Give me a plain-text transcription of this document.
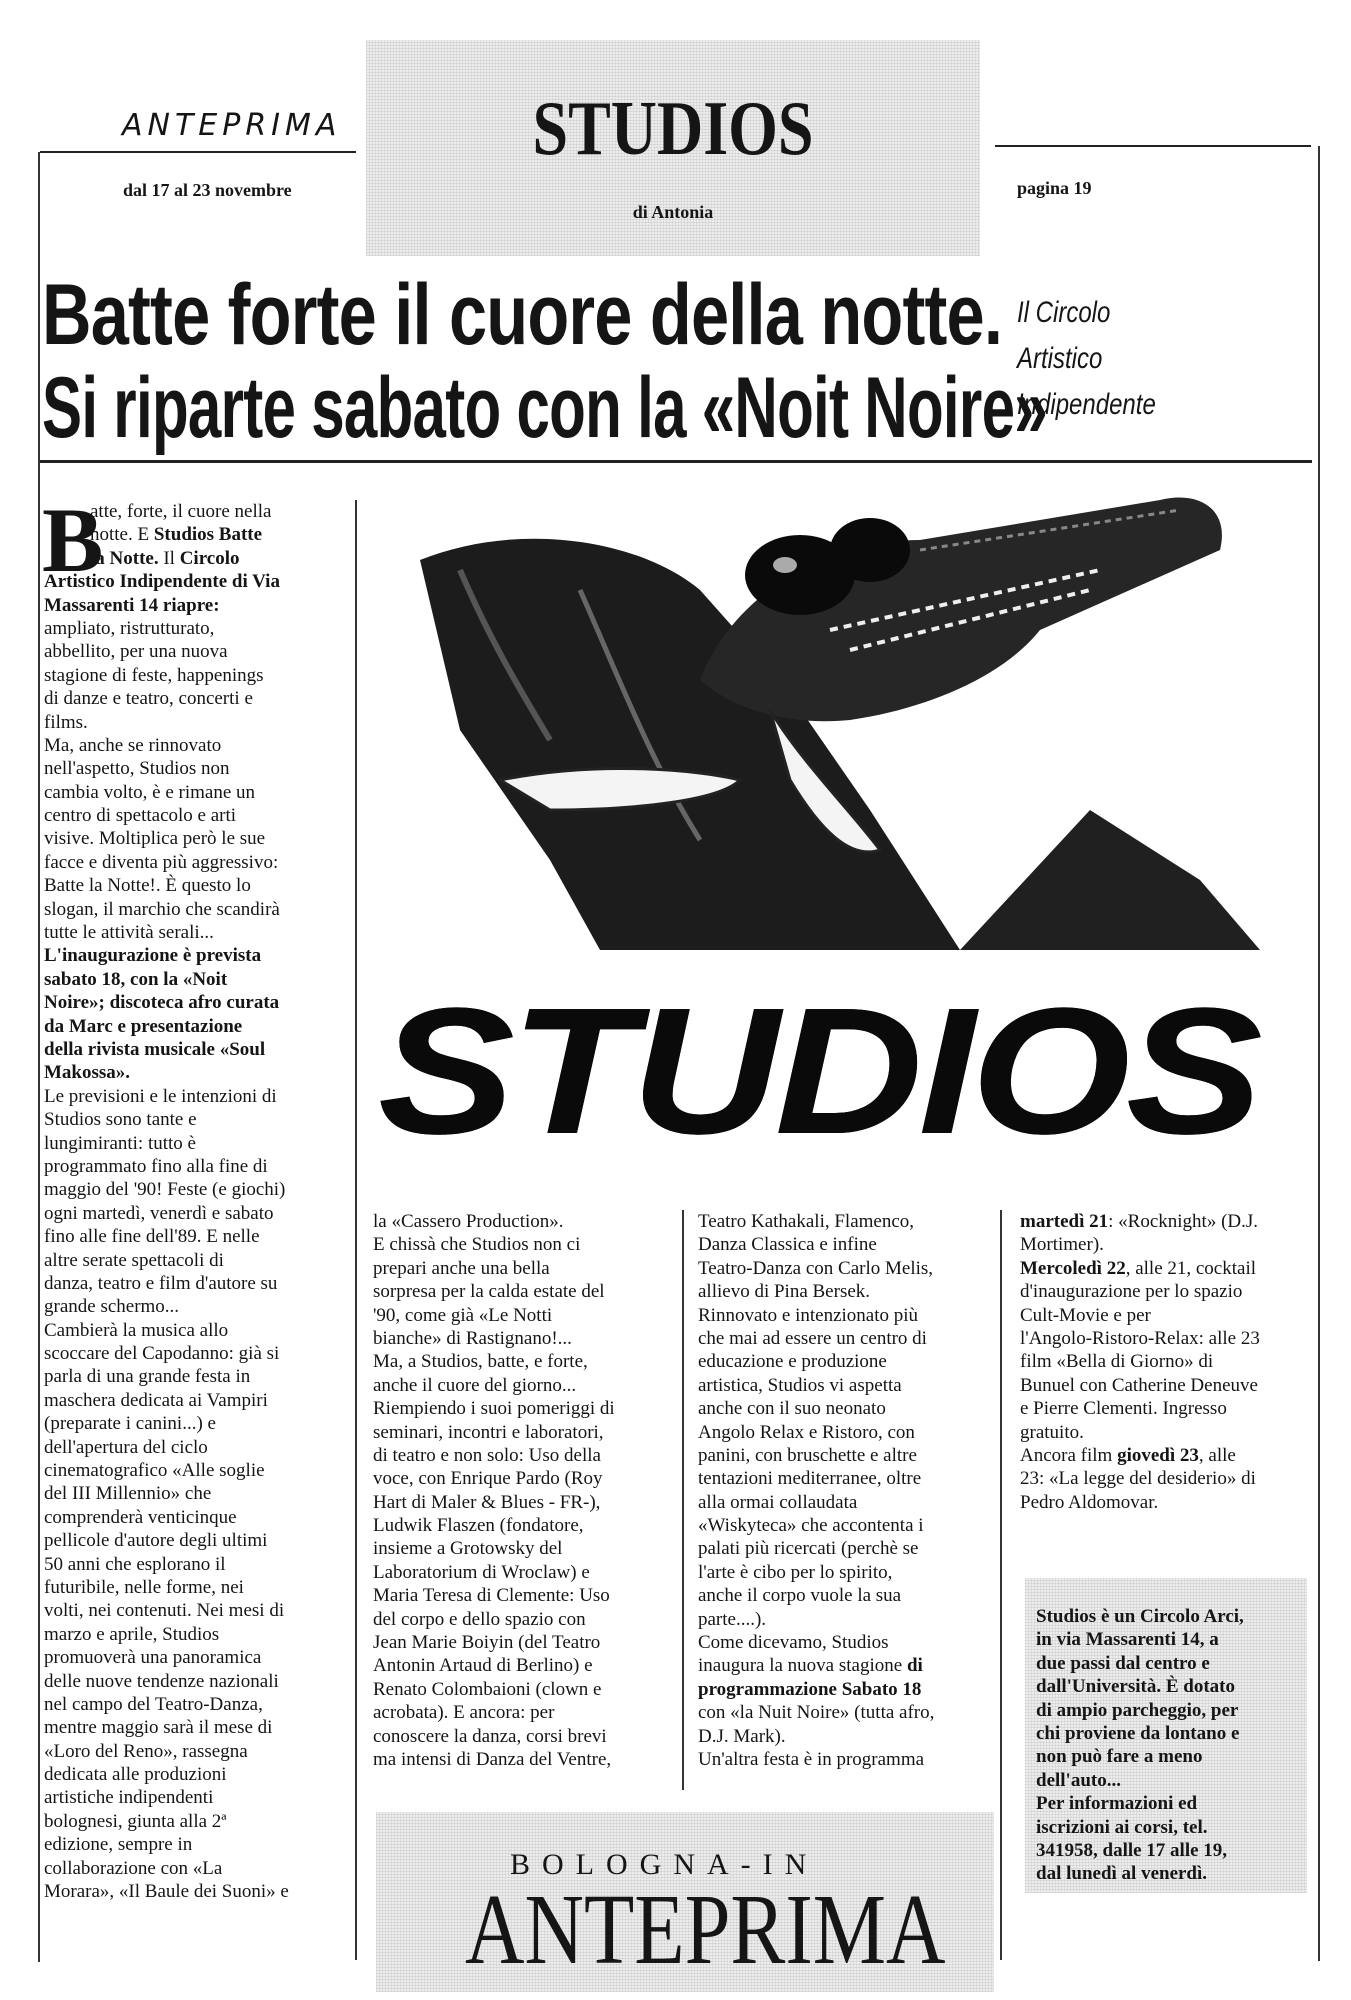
ANTEPRIMA	STUDIOS
di Antonia
dal 17 al 23 novembre	pagina 19
Batte forte il cuore della notte.
Si riparte sabato con la «Noit Noire»
Il Circolo
Artistico
Indipendente
STUDIOS
B
atte, forte, il cuore nella
notte. E Studios Batte
la Notte. Il Circolo
Artistico Indipendente di Via
Massarenti 14 riapre:
ampliato, ristrutturato,
abbellito, per una nuova
stagione di feste, happenings
di danze e teatro, concerti e
films.
Ma, anche se rinnovato
nell'aspetto, Studios non
cambia volto, è e rimane un
centro di spettacolo e arti
visive. Moltiplica però le sue
facce e diventa più aggressivo:
Batte la Notte!. È questo lo
slogan, il marchio che scandirà
tutte le attività serali...
L'inaugurazione è prevista
sabato 18, con la «Noit
Noire»; discoteca afro curata
da Marc e presentazione
della rivista musicale «Soul
Makossa».
Le previsioni e le intenzioni di
Studios sono tante e
lungimiranti: tutto è
programmato fino alla fine di
maggio del '90! Feste (e giochi)
ogni martedì, venerdì e sabato
fino alle fine dell'89. E nelle
altre serate spettacoli di
danza, teatro e film d'autore su
grande schermo...
Cambierà la musica allo
scoccare del Capodanno: già si
parla di una grande festa in
maschera dedicata ai Vampiri
(preparate i canini...) e
dell'apertura del ciclo
cinematografico «Alle soglie
del III Millennio» che
comprenderà venticinque
pellicole d'autore degli ultimi
50 anni che esplorano il
futuribile, nelle forme, nei
volti, nei contenuti. Nei mesi di
marzo e aprile, Studios
promuoverà una panoramica
delle nuove tendenze nazionali
nel campo del Teatro-Danza,
mentre maggio sarà il mese di
«Loro del Reno», rassegna
dedicata alle produzioni
artistiche indipendenti
bolognesi, giunta alla 2ª
edizione, sempre in
collaborazione con «La
Morara», «Il Baule dei Suoni» e
la «Cassero Production».
E chissà che Studios non ci
prepari anche una bella
sorpresa per la calda estate del
'90, come già «Le Notti
bianche» di Rastignano!...
Ma, a Studios, batte, e forte,
anche il cuore del giorno...
Riempiendo i suoi pomeriggi di
seminari, incontri e laboratori,
di teatro e non solo: Uso della
voce, con Enrique Pardo (Roy
Hart di Maler & Blues - FR-),
Ludwik Flaszen (fondatore,
insieme a Grotowsky del
Laboratorium di Wroclaw) e
Maria Teresa di Clemente: Uso
del corpo e dello spazio con
Jean Marie Boiyin (del Teatro
Antonin Artaud di Berlino) e
Renato Colombaioni (clown e
acrobata). E ancora: per
conoscere la danza, corsi brevi
ma intensi di Danza del Ventre,
Teatro Kathakali, Flamenco,
Danza Classica e infine
Teatro-Danza con Carlo Melis,
allievo di Pina Bersek.
Rinnovato e intenzionato più
che mai ad essere un centro di
educazione e produzione
artistica, Studios vi aspetta
anche con il suo neonato
Angolo Relax e Ristoro, con
panini, con bruschette e altre
tentazioni mediterranee, oltre
alla ormai collaudata
«Wiskyteca» che accontenta i
palati più ricercati (perchè se
l'arte è cibo per lo spirito,
anche il corpo vuole la sua
parte....).
Come dicevamo, Studios
inaugura la nuova stagione di
programmazione Sabato 18
con «la Nuit Noire» (tutta afro,
D.J. Mark).
Un'altra festa è in programma
martedì 21: «Rocknight» (D.J.
Mortimer).
Mercoledì 22, alle 21, cocktail
d'inaugurazione per lo spazio
Cult-Movie e per
l'Angolo-Ristoro-Relax: alle 23
film «Bella di Giorno» di
Bunuel con Catherine Deneuve
e Pierre Clementi. Ingresso
gratuito.
Ancora film giovedì 23, alle
23: «La legge del desiderio» di
Pedro Aldomovar.
Studios è un Circolo Arci,
in via Massarenti 14, a
due passi dal centro e
dall'Università. È dotato
di ampio parcheggio, per
chi proviene da lontano e
non può fare a meno
dell'auto...
Per informazioni ed
iscrizioni ai corsi, tel.
341958, dalle 17 alle 19,
dal lunedì al venerdì.
BOLOGNA-IN
ANTEPRIMA
